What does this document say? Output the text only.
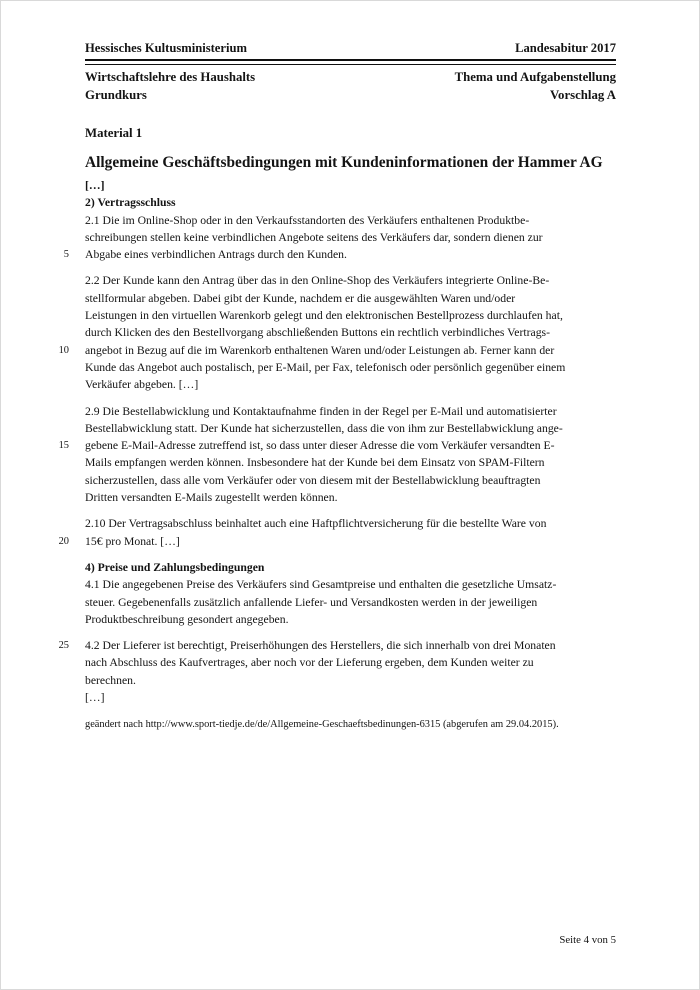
Hessisches Kultusministerium	Landesabitur 2017
Wirtschaftslehre des Haushalts	Thema und Aufgabenstellung
Grundkurs	Vorschlag A
Material 1
Allgemeine Geschäftsbedingungen mit Kundeninformationen der Hammer AG
[…]
2) Vertragsschluss
2.1 Die im Online-Shop oder in den Verkaufsstandorten des Verkäufers enthaltenen Produktbe-
schreibungen stellen keine verbindlichen Angebote seitens des Verkäufers dar, sondern dienen zur
5 Abgabe eines verbindlichen Antrags durch den Kunden.
2.2 Der Kunde kann den Antrag über das in den Online-Shop des Verkäufers integrierte Online-Be-
stellformular abgeben. Dabei gibt der Kunde, nachdem er die ausgewählten Waren und/oder
Leistungen in den virtuellen Warenkorb gelegt und den elektronischen Bestellprozess durchlaufen hat,
durch Klicken des den Bestellvorgang abschließenden Buttons ein rechtlich verbindliches Vertrags-
10 angebot in Bezug auf die im Warenkorb enthaltenen Waren und/oder Leistungen ab. Ferner kann der
Kunde das Angebot auch postalisch, per E-Mail, per Fax, telefonisch oder persönlich gegenüber einem
Verkäufer abgeben. […]
2.9 Die Bestellabwicklung und Kontaktaufnahme finden in der Regel per E-Mail und automatisierter
Bestellabwicklung statt. Der Kunde hat sicherzustellen, dass die von ihm zur Bestellabwicklung ange-
15 gebene E-Mail-Adresse zutreffend ist, so dass unter dieser Adresse die vom Verkäufer versandten E-
Mails empfangen werden können. Insbesondere hat der Kunde bei dem Einsatz von SPAM-Filtern
sicherzustellen, dass alle vom Verkäufer oder von diesem mit der Bestellabwicklung beauftragten
Dritten versandten E-Mails zugestellt werden können.
2.10 Der Vertragsabschluss beinhaltet auch eine Haftpflichtversicherung für die bestellte Ware von
20 15€ pro Monat. […]
4) Preise und Zahlungsbedingungen
4.1 Die angegebenen Preise des Verkäufers sind Gesamtpreise und enthalten die gesetzliche Umsatz-
steuer. Gegebenenfalls zusätzlich anfallende Liefer- und Versandkosten werden in der jeweiligen
Produktbeschreibung gesondert angegeben.
25 4.2 Der Lieferer ist berechtigt, Preiserhöhungen des Herstellers, die sich innerhalb von drei Monaten
nach Abschluss des Kaufvertrages, aber noch vor der Lieferung ergeben, dem Kunden weiter zu
berechnen.
[…]
geändert nach http://www.sport-tiedje.de/de/Allgemeine-Geschaeftsbedinungen-6315 (abgerufen am 29.04.2015).
Seite 4 von 5
